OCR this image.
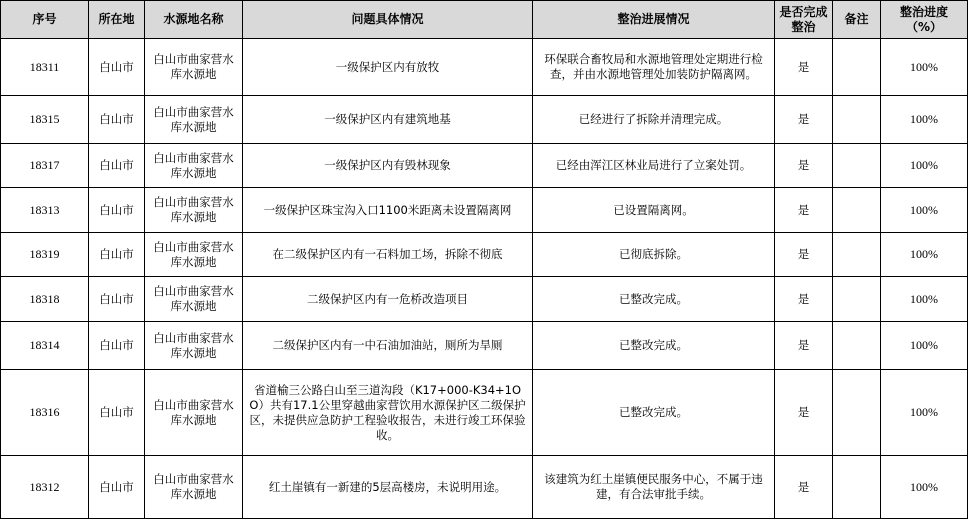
序号	所在地	水源地名称	问题具体情况	整治进展情况	是否完成整治	备注	整治进度（%）
18311	白山市	白山市曲家营水库水源地	一级保护区内有放牧	环保联合畜牧局和水源地管理处定期进行检查，并由水源地管理处加装防护隔离网。	是		100%
18315	白山市	白山市曲家营水库水源地	一级保护区内有建筑地基	已经进行了拆除并清理完成。	是		100%
18317	白山市	白山市曲家营水库水源地	一级保护区内有毁林现象	已经由浑江区林业局进行了立案处罚。	是		100%
18313	白山市	白山市曲家营水库水源地	一级保护区珠宝沟入口1100米距离未设置隔离网	已设置隔离网。	是		100%
18319	白山市	白山市曲家营水库水源地	在二级保护区内有一石料加工场，拆除不彻底	已彻底拆除。	是		100%
18318	白山市	白山市曲家营水库水源地	二级保护区内有一危桥改造项目	已整改完成。	是		100%
18314	白山市	白山市曲家营水库水源地	二级保护区内有一中石油加油站，厕所为旱厕	已整改完成。	是		100%
18316	白山市	白山市曲家营水库水源地	省道榆三公路白山至三道沟段（K17+000-K34+1OO）共有17.1公里穿越曲家营饮用水源保护区二级保护区，未提供应急防护工程验收报告，未进行竣工环保验收。	已整改完成。	是		100%
18312	白山市	白山市曲家营水库水源地	红土崖镇有一新建的5层高楼房，未说明用途。	该建筑为红土崖镇便民服务中心，不属于违建，有合法审批手续。	是		100%
